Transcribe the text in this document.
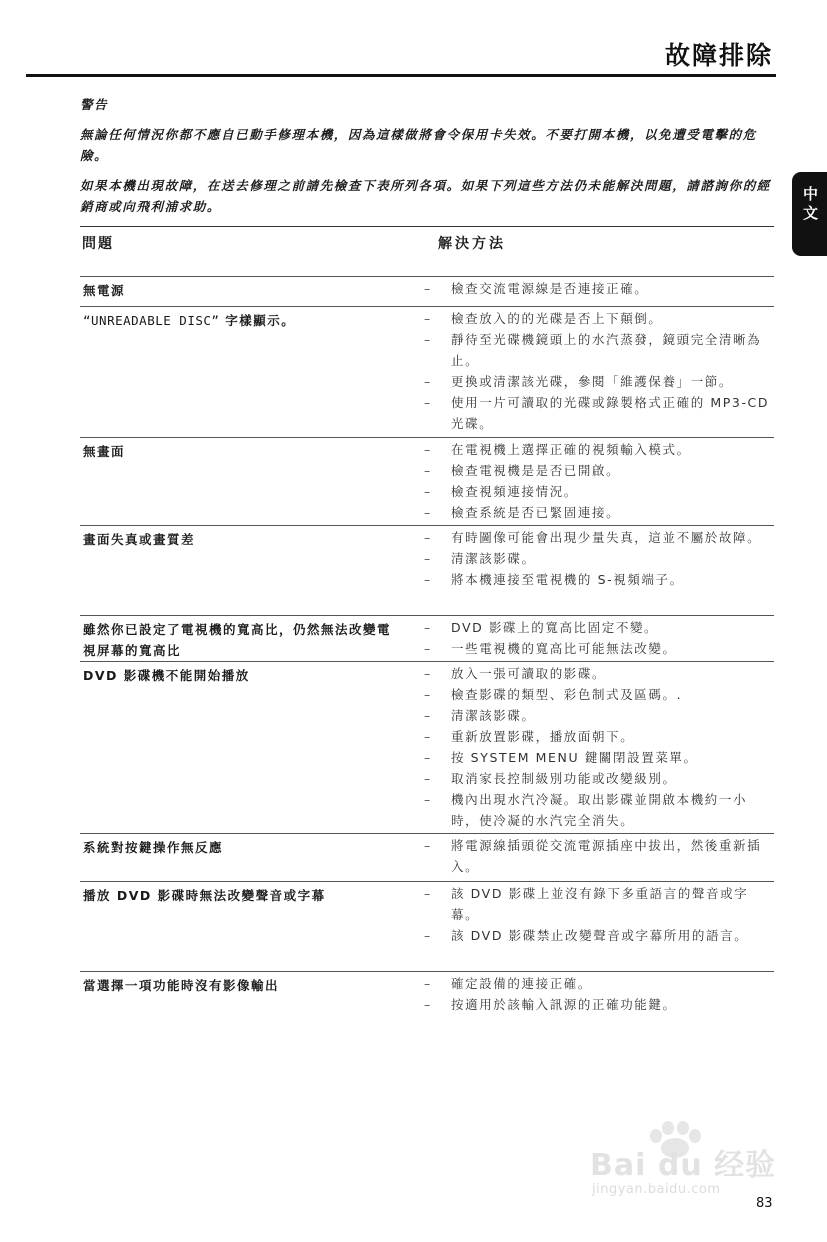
故障排除
中文

警告

無論任何情況你都不應自已動手修理本機，因為這樣做將會令保用卡失效。不要打開本機，以免遭受電擊的危險。

如果本機出現故障，在送去修理之前請先檢查下表所列各項。如果下列這些方法仍未能解決問題，請諮詢你的經銷商或向飛利浦求助。

問題	解決方法
無電源	– 檢查交流電源線是否連接正確。
“UNREADABLE DISC” 字樣顯示。	– 檢查放入的的光碟是否上下顛倒。
– 靜待至光碟機鏡頭上的水汽蒸發，鏡頭完全清晰為止。
– 更換或清潔該光碟，參閱「維護保養」一節。
– 使用一片可讀取的光碟或錄製格式正確的 MP3-CD 光碟。
無畫面	– 在電視機上選擇正確的視頻輸入模式。
– 檢查電視機是是否已開啟。
– 檢查視頻連接情況。
– 檢查系統是否已緊固連接。
畫面失真或畫質差	– 有時圖像可能會出現少量失真，這並不屬於故障。
– 清潔該影碟。
– 將本機連接至電視機的 S-視頻端子。
雖然你已設定了電視機的寬高比，仍然無法改變電視屏幕的寬高比
– DVD 影碟上的寬高比固定不變。
– 一些電視機的寬高比可能無法改變。
DVD 影碟機不能開始播放	– 放入一張可讀取的影碟。
– 檢查影碟的類型、彩色制式及區碼。.
– 清潔該影碟。
– 重新放置影碟，播放面朝下。
– 按 SYSTEM MENU 鍵關閉設置菜單。
– 取消家長控制級別功能或改變級別。
– 機內出現水汽冷凝。取出影碟並開啟本機約一小時，使冷凝的水汽完全消失。
系統對按鍵操作無反應	– 將電源線插頭從交流電源插座中拔出，然後重新插入。
播放 DVD 影碟時無法改變聲音或字幕	– 該 DVD 影碟上並沒有錄下多重語言的聲音或字幕。
– 該 DVD 影碟禁止改變聲音或字幕所用的語言。
當選擇一項功能時沒有影像輸出	– 確定設備的連接正確。
– 按適用於該輸入訊源的正確功能鍵。
Bai du 经验
jingyan.baidu.com
83
